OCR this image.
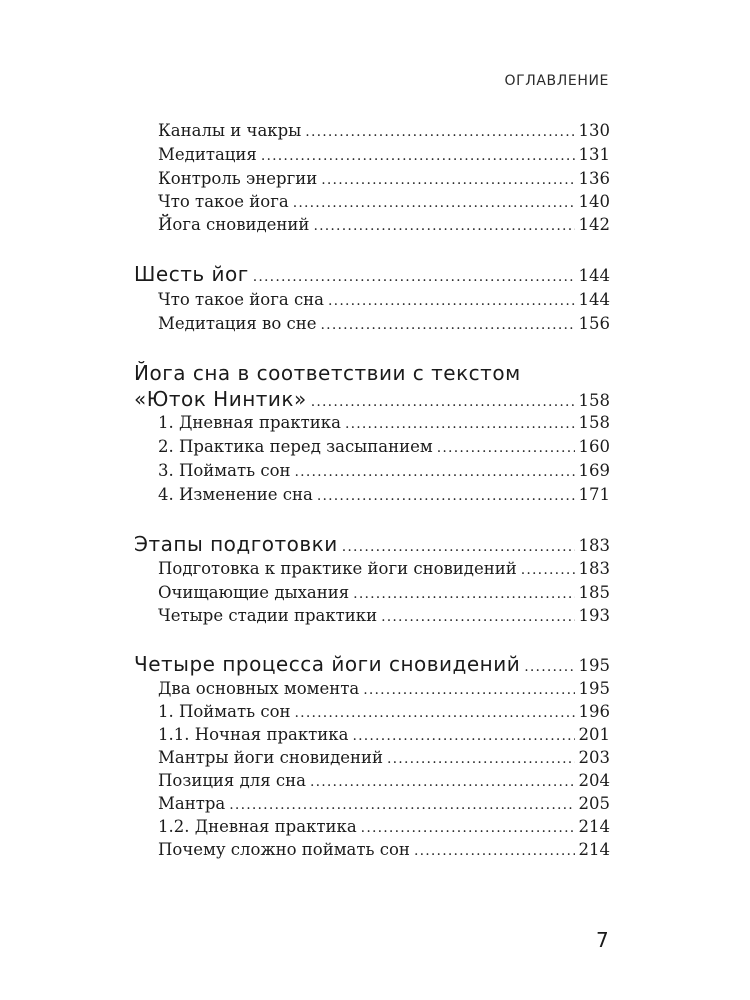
ОГЛАВЛЕНИЕ
Каналы и чакры .....	130
Медитация .....	131
Контроль энергии .....	136
Что такое йога .....	140
Йога сновидений .....	142
Шесть йог .....	144
Что такое йога сна .....	144
Медитация во сне .....	156
Йога сна в соответствии с текстом
«Юток Нинтик» .....	158
1. Дневная практика .....	158
2. Практика перед засыпанием .....	160
3. Поймать сон .....	169
4. Изменение сна .....	171
Этапы подготовки .....	183
Подготовка к практике йоги сновидений .....	183
Очищающие дыхания .....	185
Четыре стадии практики .....	193
Четыре процесса йоги сновидений .....	195
Два основных момента .....	195
1. Поймать сон .....	196
1.1. Ночная практика .....	201
Мантры йоги сновидений .....	203
Позиция для сна .....	204
Мантра .....	205
1.2. Дневная практика .....	214
Почему сложно поймать сон .....	214
7
